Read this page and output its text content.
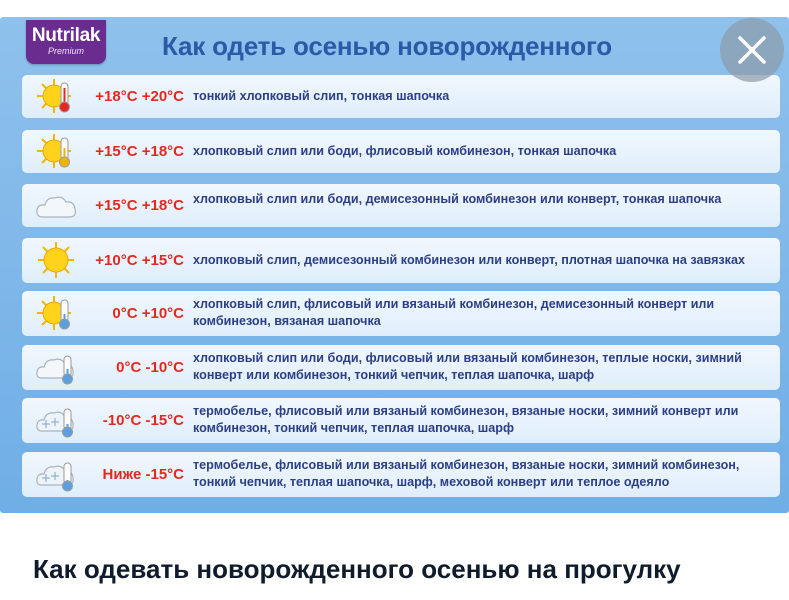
Nutrilak
Premium	Как одеть осенью новорожденного
+18°C +20°C тонкий хлопковый слип, тонкая шапочка
+15°C +18°C хлопковый слип или боди, флисовый комбинезон, тонкая шапочка
+15°C +18°C хлопковый слип или боди, демисезонный комбинезон или конверт, тонкая шапочка
+10°C +15°C хлопковый слип, демисезонный комбинезон или конверт, плотная шапочка на завязках
0°C +10°C
хлопковый слип, флисовый или вязаный комбинезон, демисезонный конверт или комбинезон, вязаная шапочка
0°C -10°C
хлопковый слип или боди, флисовый или вязаный комбинезон, теплые носки, зимний конверт или комбинезон, тонкий чепчик, теплая шапочка, шарф
-10°C -15°C
термобелье, флисовый или вязаный комбинезон, вязаные носки, зимний конверт или комбинезон, тонкий чепчик, теплая шапочка, шарф
Ниже -15°C
термобелье, флисовый или вязаный комбинезон, вязаные носки, зимний комбинезон, тонкий чепчик, теплая шапочка, шарф, меховой конверт или теплое одеяло
Как одевать новорожденного осенью на прогулку
